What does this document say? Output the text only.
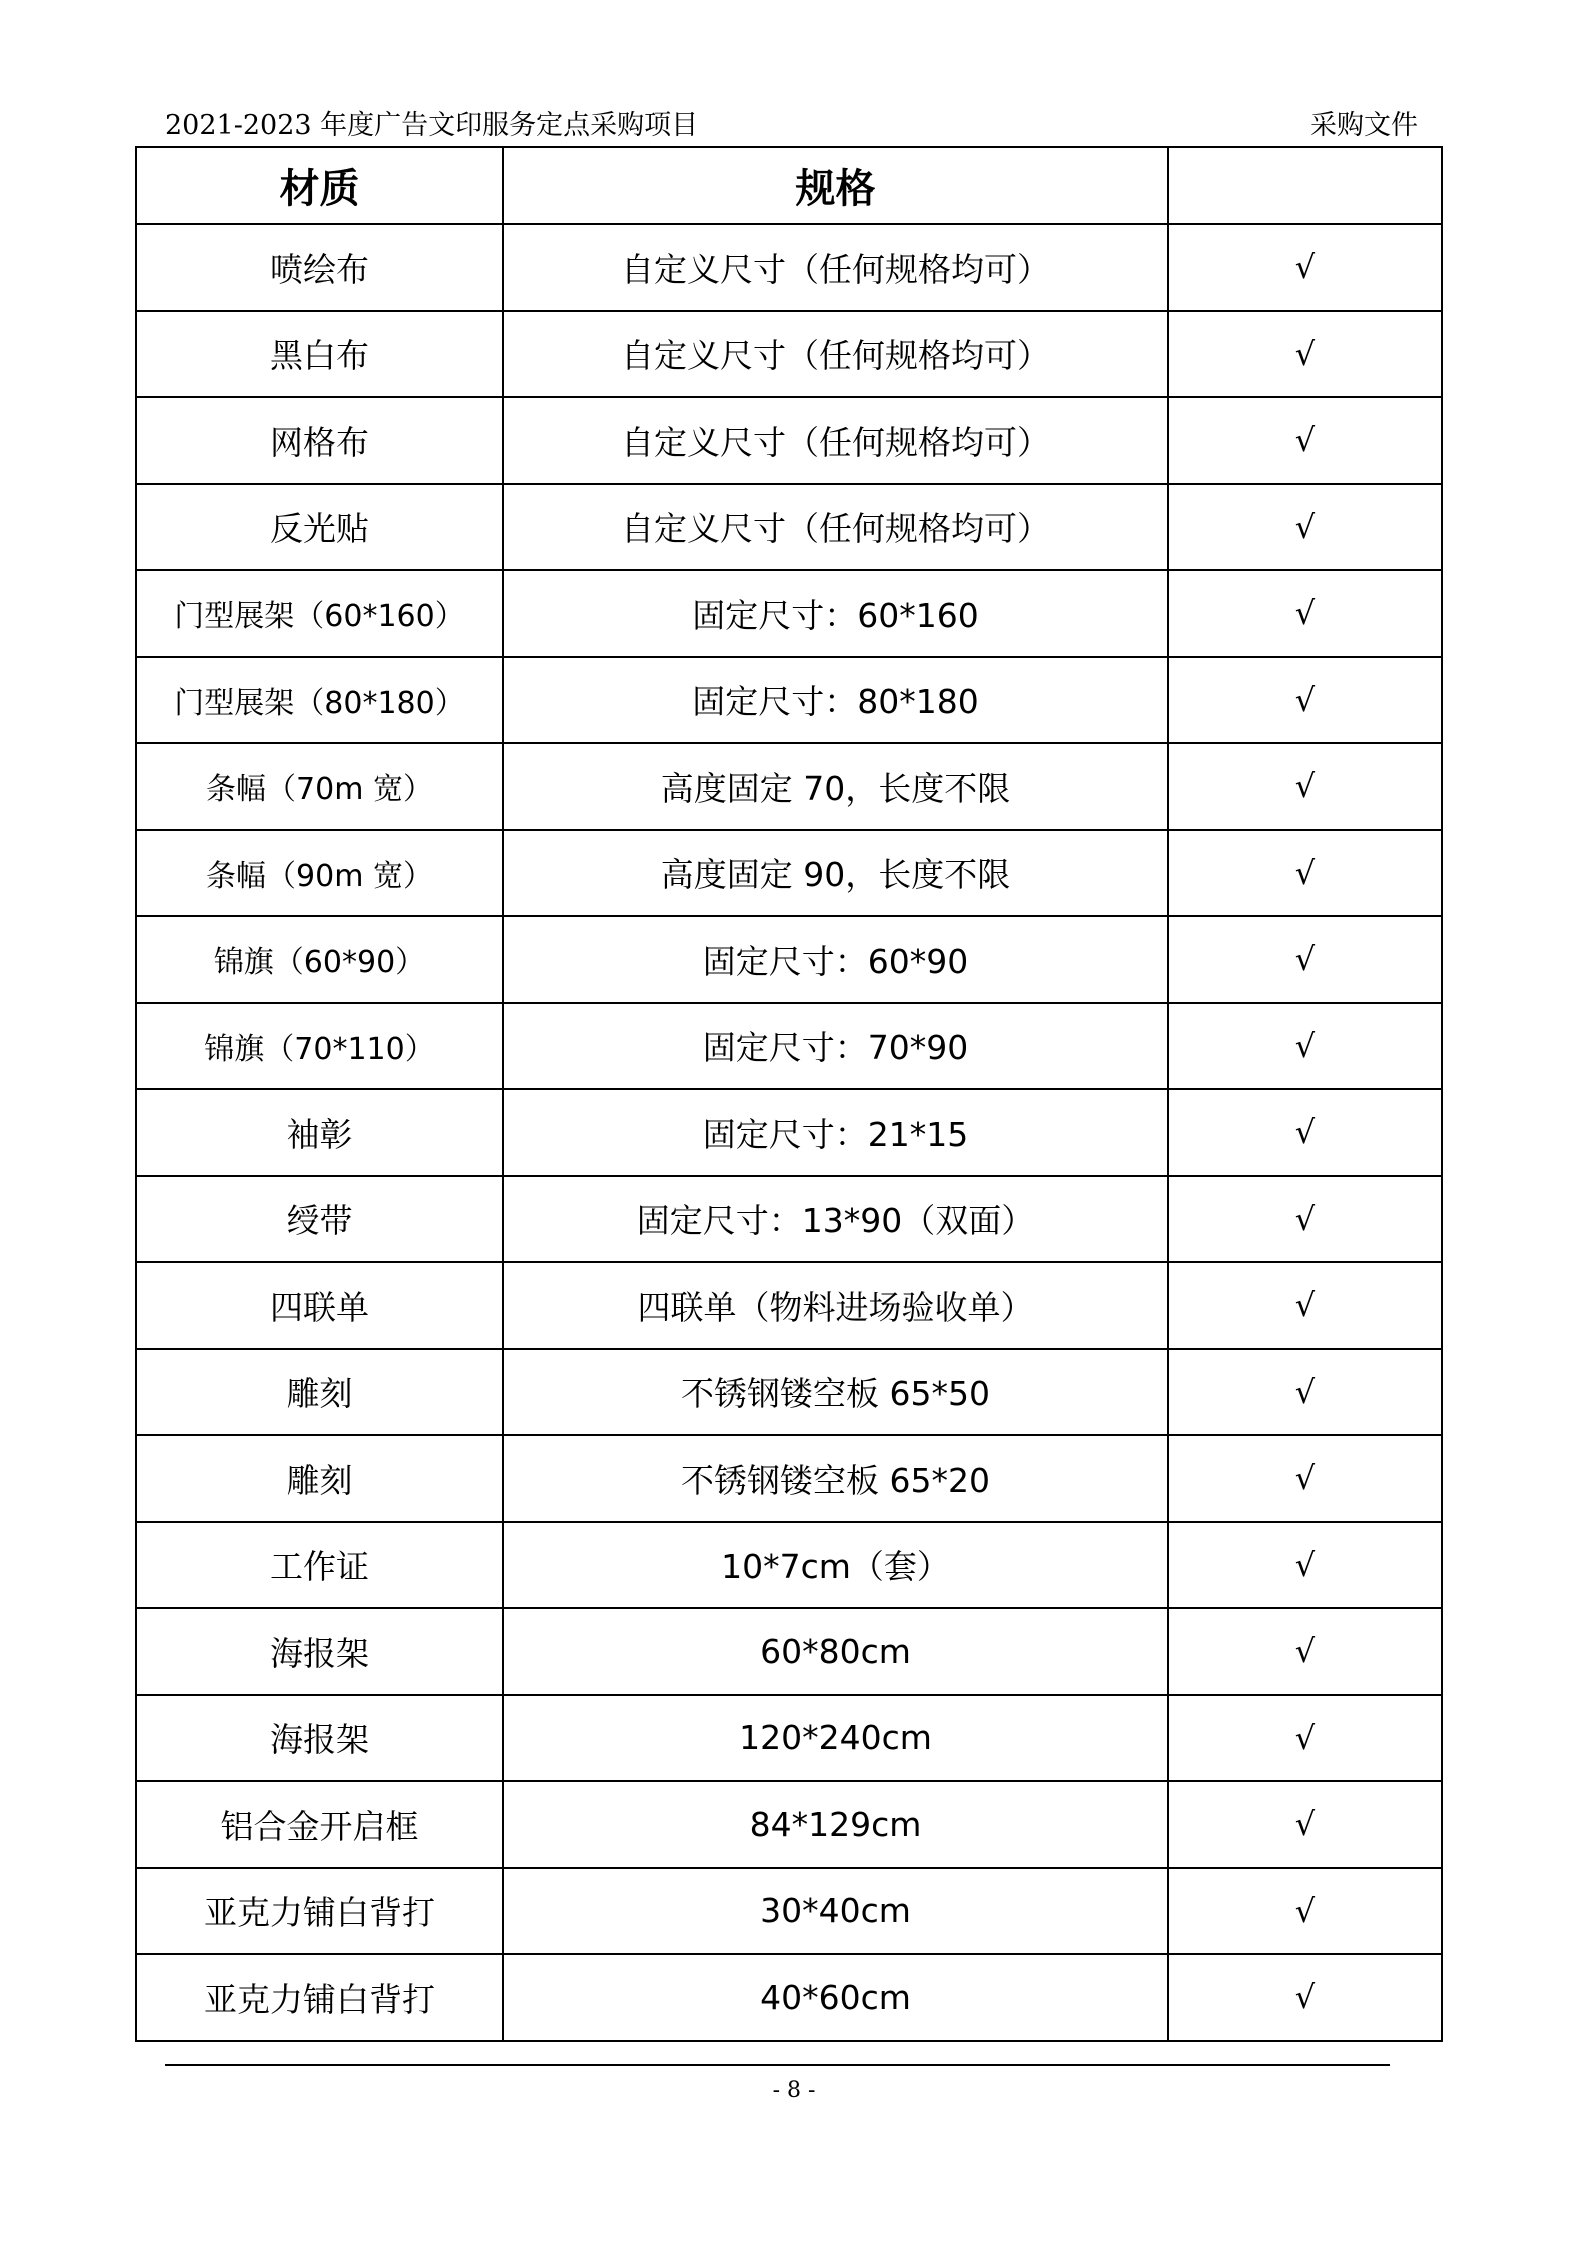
2021-2023 年度广告文印服务定点采购项目	采购文件
材质	规格	
喷绘布	自定义尺寸（任何规格均可）	√
黑白布	自定义尺寸（任何规格均可）	√
网格布	自定义尺寸（任何规格均可）	√
反光贴	自定义尺寸（任何规格均可）	√
门型展架（60*160）	固定尺寸：60*160	√
门型展架（80*180）	固定尺寸：80*180	√
条幅（70m 宽）	高度固定 70，长度不限	√
条幅（90m 宽）	高度固定 90，长度不限	√
锦旗（60*90）	固定尺寸：60*90	√
锦旗（70*110）	固定尺寸：70*90	√
袖彰	固定尺寸：21*15	√
绶带	固定尺寸：13*90（双面）	√
四联单	四联单（物料进场验收单）	√
雕刻	不锈钢镂空板 65*50	√
雕刻	不锈钢镂空板 65*20	√
工作证	10*7cm（套）	√
海报架	60*80cm	√
海报架	120*240cm	√
铝合金开启框	84*129cm	√
亚克力铺白背打	30*40cm	√
亚克力铺白背打	40*60cm	√
- 8 -
